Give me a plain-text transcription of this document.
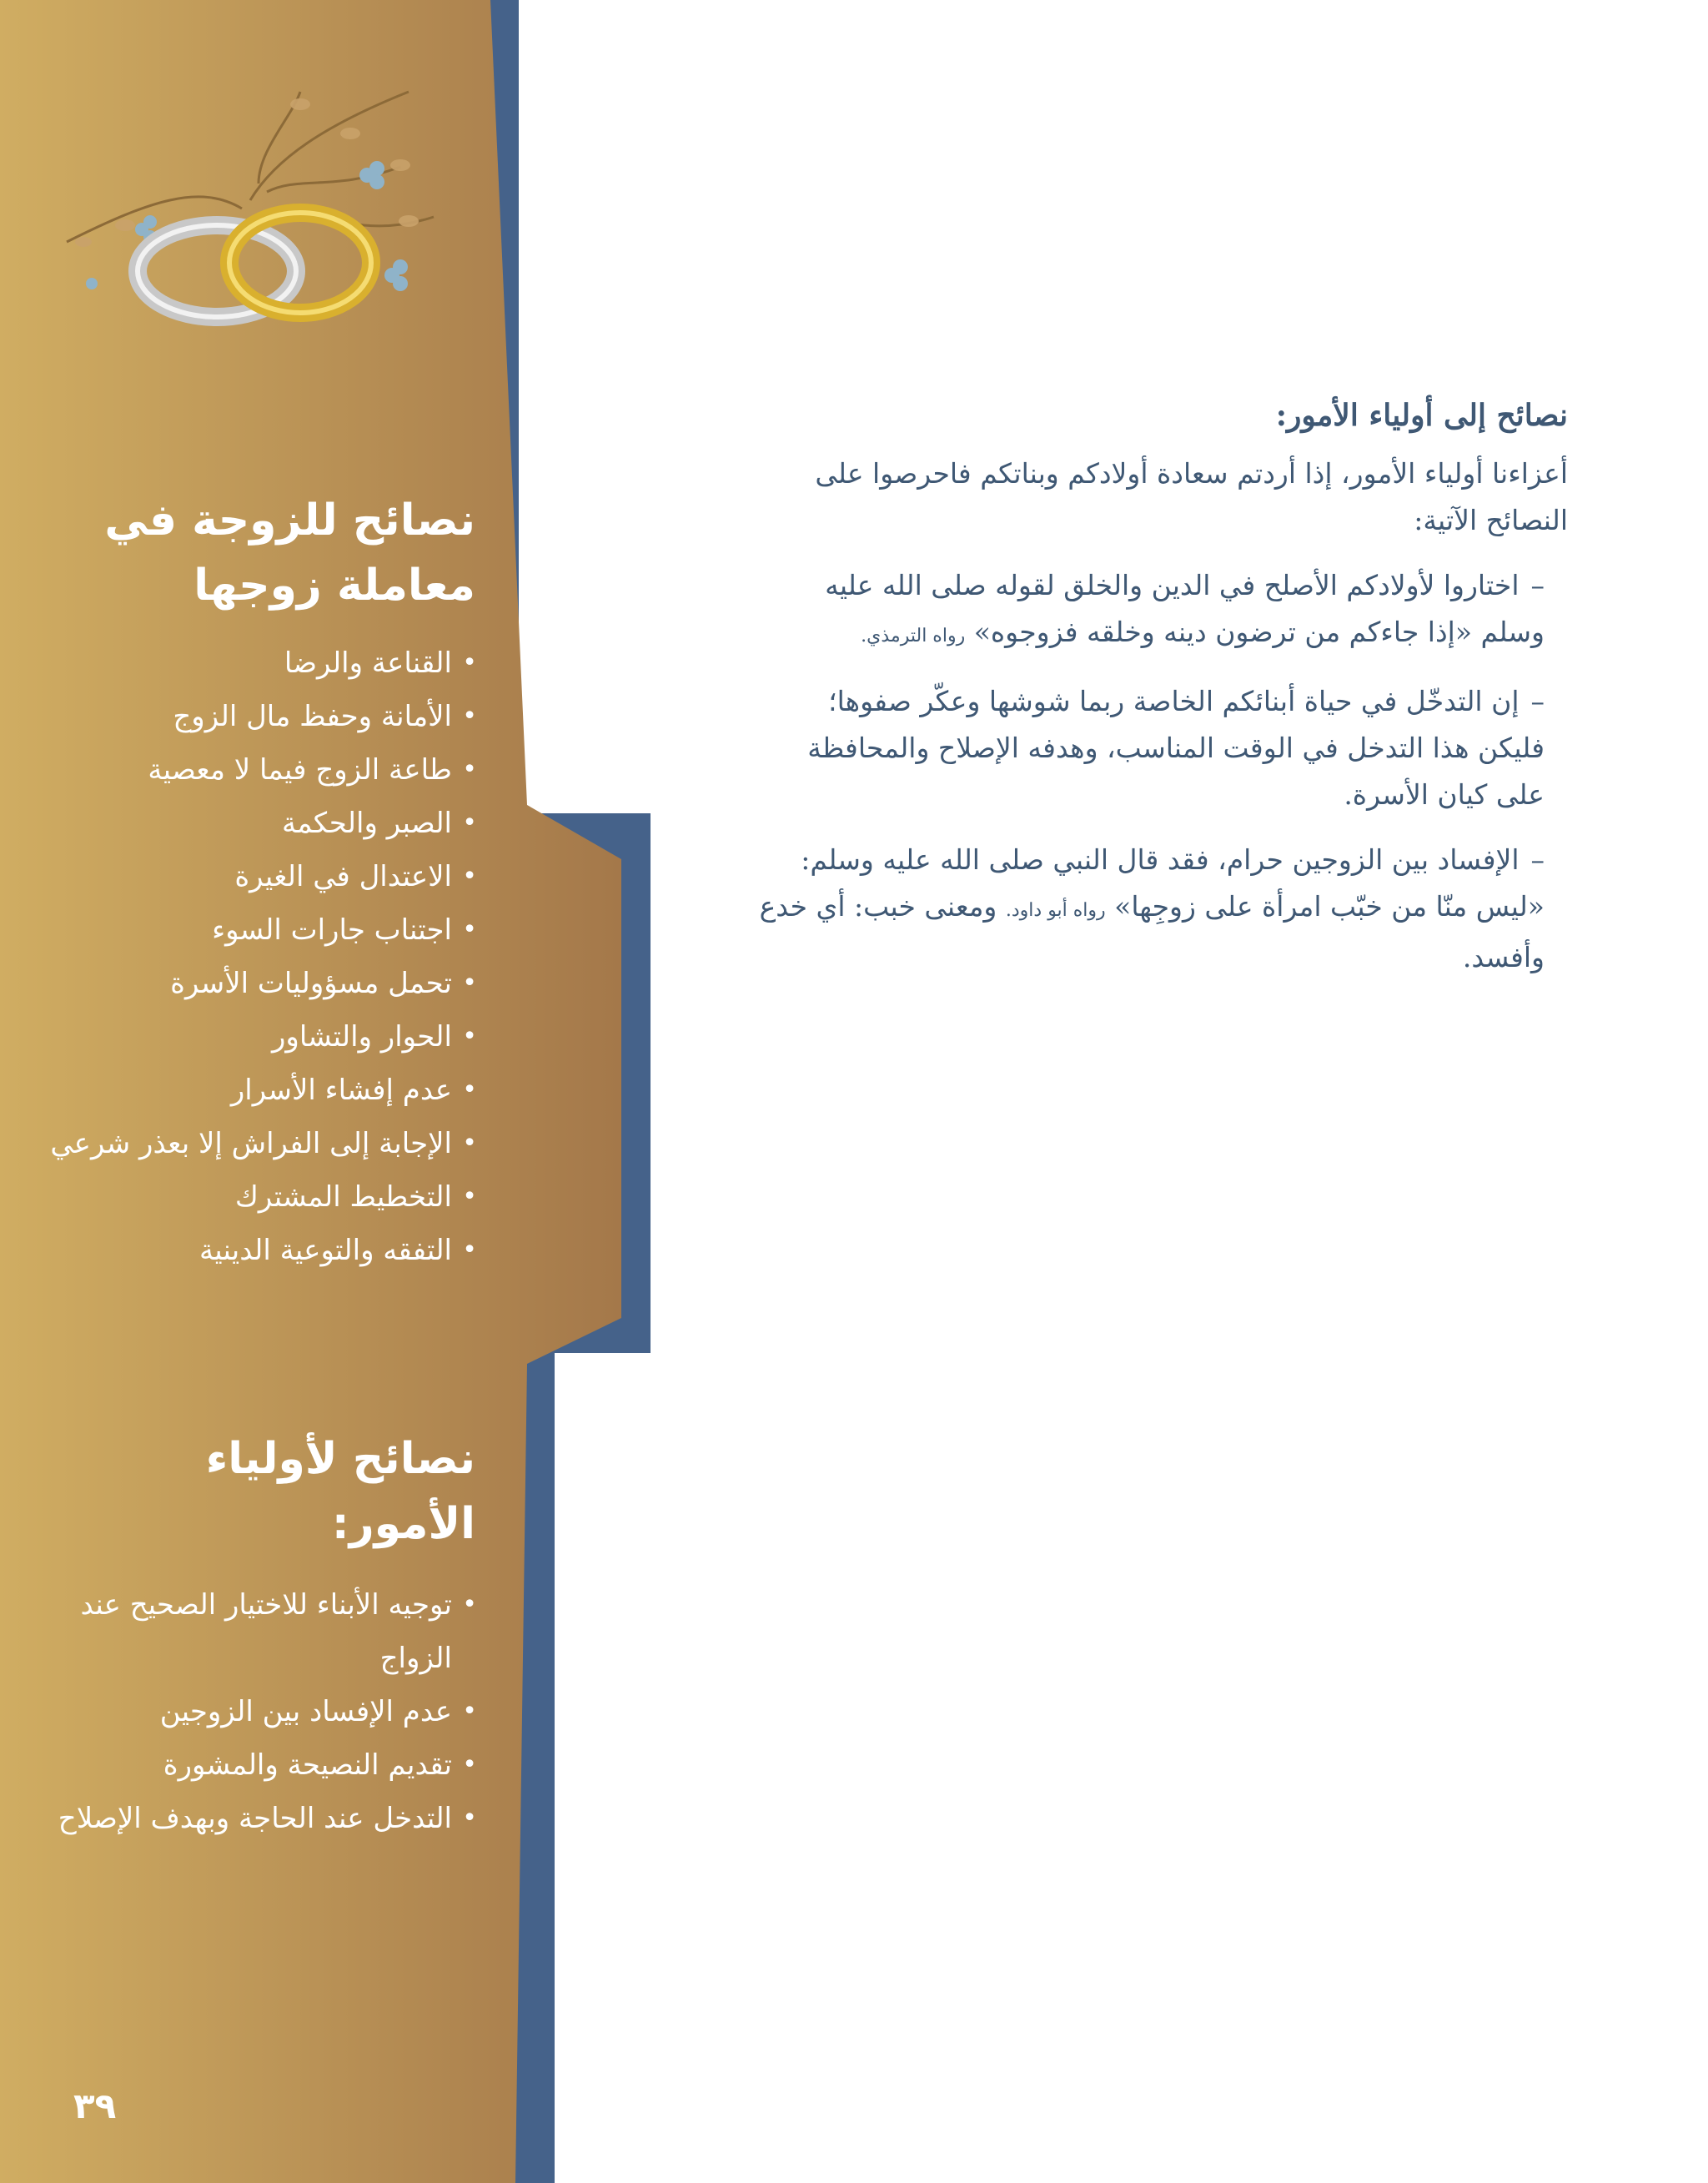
نصائح للزوجة في معاملة زوجها
• القناعة والرضا
• الأمانة وحفظ مال الزوج
• طاعة الزوج فيما لا معصية
• الصبر والحكمة
• الاعتدال في الغيرة
• اجتناب جارات السوء
• تحمل مسؤوليات الأسرة
• الحوار والتشاور
• عدم إفشاء الأسرار
• الإجابة إلى الفراش إلا بعذر شرعي
• التخطيط المشترك
• التفقه والتوعية الدينية
نصائح لأولياء الأمور:
• توجيه الأبناء للاختيار الصحيح عند الزواج
• عدم الإفساد بين الزوجين
• تقديم النصيحة والمشورة
• التدخل عند الحاجة وبهدف الإصلاح
٣٩
نصائح إلى أولياء الأمور:

أعزاءنا أولياء الأمور، إذا أردتم سعادة أولادكم وبناتكم فاحرصوا على النصائح الآتية:

–اختاروا لأولادكم الأصلح في الدين والخلق لقوله صلى الله عليه وسلم «إذا جاءكم من ترضون دينه وخلقه فزوجوه» رواه الترمذي.

–إن التدخّل في حياة أبنائكم الخاصة ربما شوشها وعكّر صفوها؛ فليكن هذا التدخل في الوقت المناسب، وهدفه الإصلاح والمحافظة على كيان الأسرة.

–الإفساد بين الزوجين حرام، فقد قال النبي صلى الله عليه وسلم: «ليس منّا من خبّب امرأة على زوجِها» رواه أبو داود. ومعنى خبب: أي خدع وأفسد.
